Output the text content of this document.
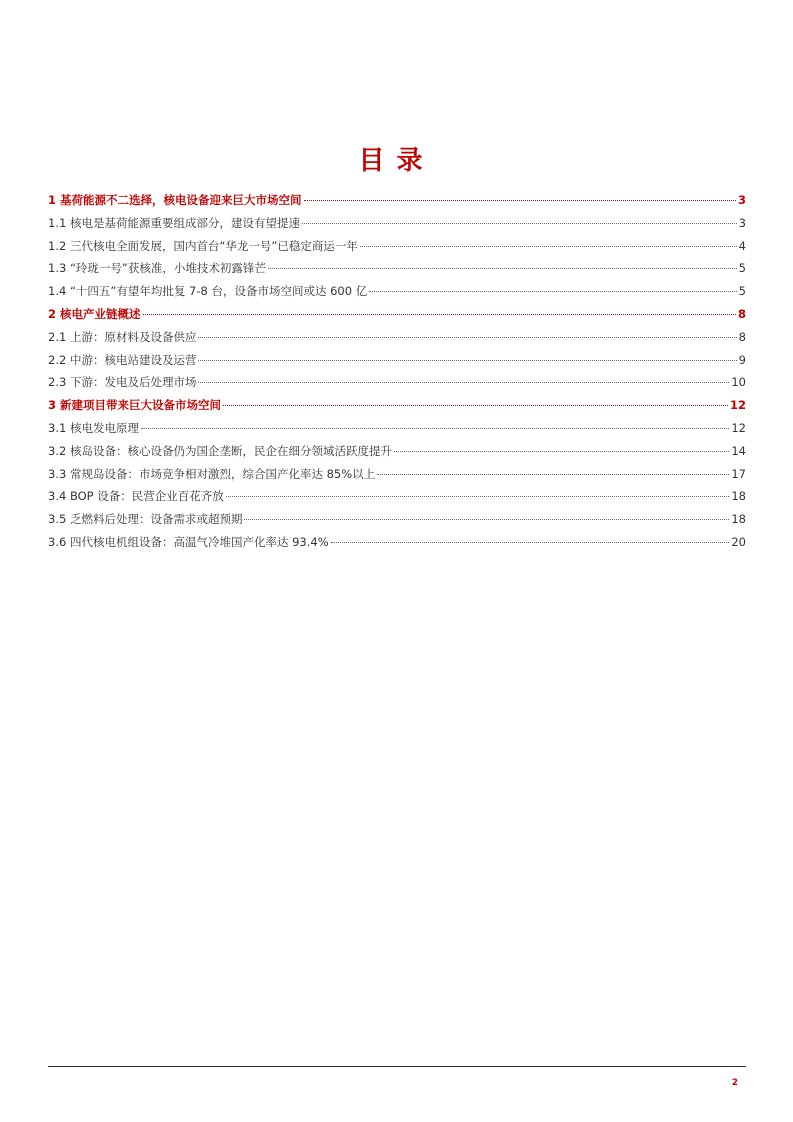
目录
1 基荷能源不二选择，核电设备迎来巨大市场空间	3
1.1 核电是基荷能源重要组成部分，建设有望提速	3
1.2 三代核电全面发展，国内首台“华龙一号”已稳定商运一年	4
1.3 “玲珑一号”获核准，小堆技术初露锋芒	5
1.4 “十四五”有望年均批复 7-8 台，设备市场空间或达 600 亿	5
2 核电产业链概述	8
2.1 上游：原材料及设备供应	8
2.2 中游：核电站建设及运营	9
2.3 下游：发电及后处理市场	10
3 新建项目带来巨大设备市场空间	12
3.1 核电发电原理	12
3.2 核岛设备：核心设备仍为国企垄断，民企在细分领域活跃度提升	14
3.3 常规岛设备：市场竞争相对激烈，综合国产化率达 85%以上	17
3.4 BOP 设备：民营企业百花齐放	18
3.5 乏燃料后处理：设备需求或超预期	18
3.6 四代核电机组设备：高温气冷堆国产化率达 93.4%	20
2
